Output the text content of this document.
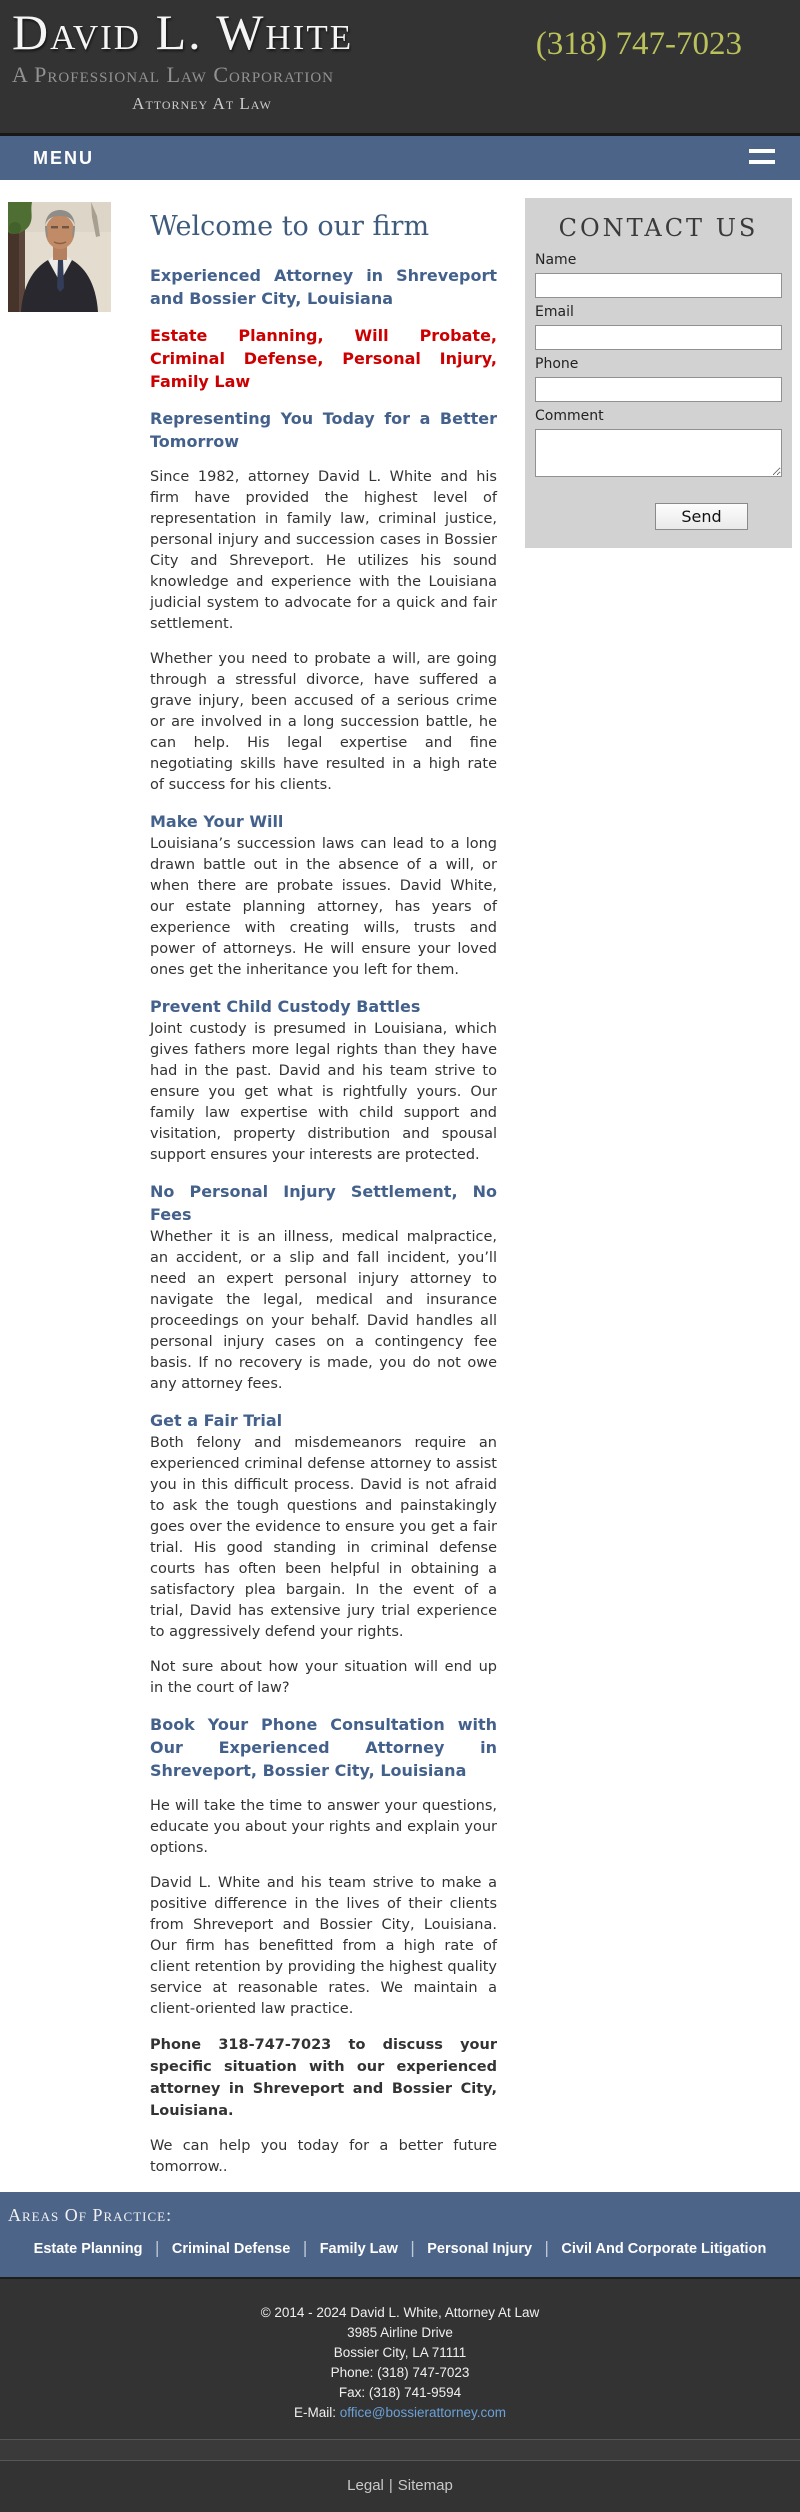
David L. White
A Professional Law Corporation
Attorney At Law
(318) 747-7023
MENU
Welcome to our firm
Experienced Attorney in Shreveport and Bossier City, Louisiana
Estate Planning, Will Probate, Criminal Defense, Personal Injury, Family Law
Representing You Today for a Better Tomorrow

Since 1982, attorney David L. White and his firm have provided the highest level of representation in family law, criminal justice, personal injury and succession cases in Bossier City and Shreveport. He utilizes his sound knowledge and experience with the Louisiana judicial system to advocate for a quick and fair settlement.

Whether you need to probate a will, are going through a stressful divorce, have suffered a grave injury, been accused of a serious crime or are involved in a long succession battle, he can help. His legal expertise and fine negotiating skills have resulted in a high rate of success for his clients.

Make Your Will

Louisiana’s succession laws can lead to a long drawn battle out in the absence of a will, or when there are probate issues. David White, our estate planning attorney, has years of experience with creating wills, trusts and power of attorneys. He will ensure your loved ones get the inheritance you left for them.

Prevent Child Custody Battles

Joint custody is presumed in Louisiana, which gives fathers more legal rights than they have had in the past. David and his team strive to ensure you get what is rightfully yours. Our family law expertise with child support and visitation, property distribution and spousal support ensures your interests are protected.

No Personal Injury Settlement, No Fees

Whether it is an illness, medical malpractice, an accident, or a slip and fall incident, you’ll need an expert personal injury attorney to navigate the legal, medical and insurance proceedings on your behalf. David handles all personal injury cases on a contingency fee basis. If no recovery is made, you do not owe any attorney fees.

Get a Fair Trial

Both felony and misdemeanors require an experienced criminal defense attorney to assist you in this difficult process. David is not afraid to ask the tough questions and painstakingly goes over the evidence to ensure you get a fair trial. His good standing in criminal defense courts has often been helpful in obtaining a satisfactory plea bargain. In the event of a trial, David has extensive jury trial experience to aggressively defend your rights.

Not sure about how your situation will end up in the court of law?

Book Your Phone Consultation with Our Experienced Attorney in Shreveport, Bossier City, Louisiana

He will take the time to answer your questions, educate you about your rights and explain your options.

David L. White and his team strive to make a positive difference in the lives of their clients from Shreveport and Bossier City, Louisiana. Our firm has benefitted from a high rate of client retention by providing the highest quality service at reasonable rates. We maintain a client-oriented law practice.

Phone 318-747-7023 to discuss your specific situation with our experienced attorney in Shreveport and Bossier City, Louisiana.

We can help you today for a better future tomorrow..

CONTACT US
Name
Email
Phone
Comment
Send
Areas Of Practice:
Estate Planning | Criminal Defense | Family Law | Personal Injury | Civil And Corporate Litigation
© 2014 - 2024 David L. White, Attorney At Law
3985 Airline Drive
Bossier City, LA 71111
Phone: (318) 747-7023
Fax: (318) 741-9594
E-Mail: office@bossierattorney.com
Legal | Sitemap
